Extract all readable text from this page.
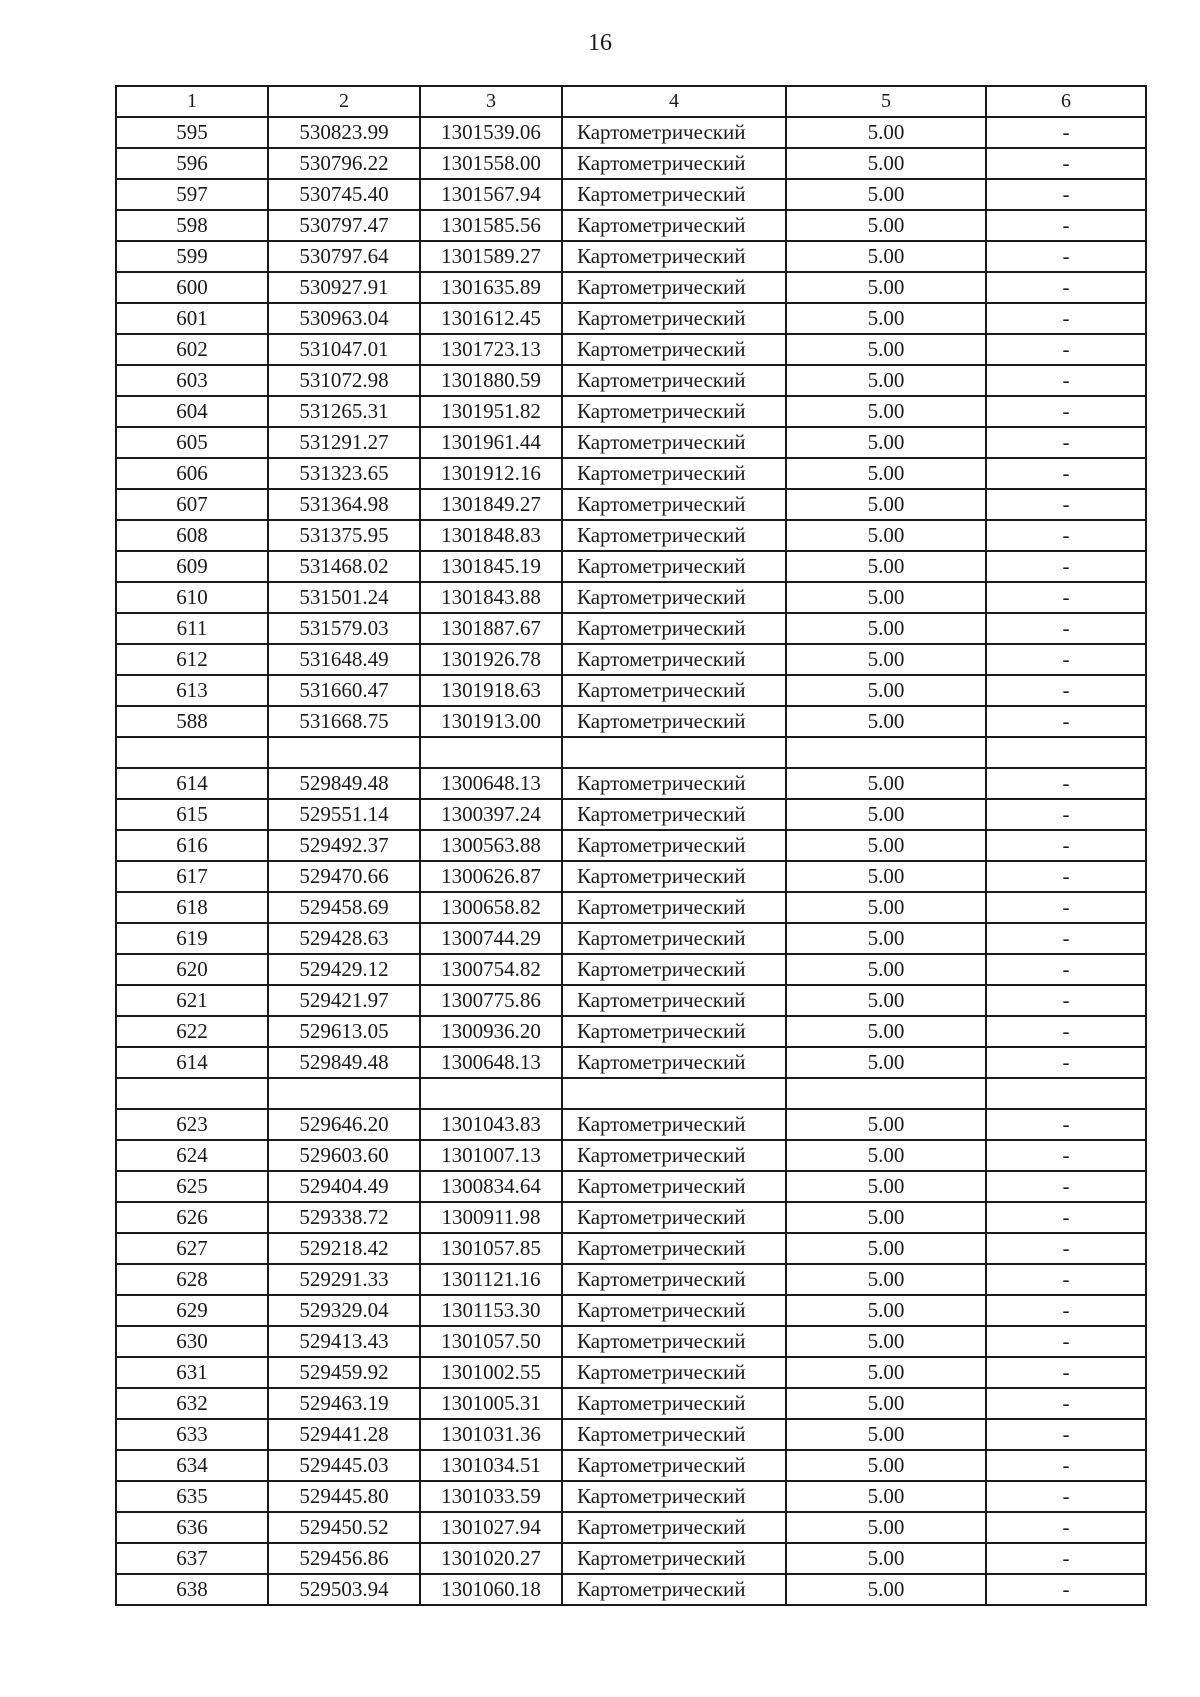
16
1	2	3	4	5	6
595	530823.99	1301539.06	Картометрический	5.00	-
596	530796.22	1301558.00	Картометрический	5.00	-
597	530745.40	1301567.94	Картометрический	5.00	-
598	530797.47	1301585.56	Картометрический	5.00	-
599	530797.64	1301589.27	Картометрический	5.00	-
600	530927.91	1301635.89	Картометрический	5.00	-
601	530963.04	1301612.45	Картометрический	5.00	-
602	531047.01	1301723.13	Картометрический	5.00	-
603	531072.98	1301880.59	Картометрический	5.00	-
604	531265.31	1301951.82	Картометрический	5.00	-
605	531291.27	1301961.44	Картометрический	5.00	-
606	531323.65	1301912.16	Картометрический	5.00	-
607	531364.98	1301849.27	Картометрический	5.00	-
608	531375.95	1301848.83	Картометрический	5.00	-
609	531468.02	1301845.19	Картометрический	5.00	-
610	531501.24	1301843.88	Картометрический	5.00	-
611	531579.03	1301887.67	Картометрический	5.00	-
612	531648.49	1301926.78	Картометрический	5.00	-
613	531660.47	1301918.63	Картометрический	5.00	-
588	531668.75	1301913.00	Картометрический	5.00	-

614	529849.48	1300648.13	Картометрический	5.00	-
615	529551.14	1300397.24	Картометрический	5.00	-
616	529492.37	1300563.88	Картометрический	5.00	-
617	529470.66	1300626.87	Картометрический	5.00	-
618	529458.69	1300658.82	Картометрический	5.00	-
619	529428.63	1300744.29	Картометрический	5.00	-
620	529429.12	1300754.82	Картометрический	5.00	-
621	529421.97	1300775.86	Картометрический	5.00	-
622	529613.05	1300936.20	Картометрический	5.00	-
614	529849.48	1300648.13	Картометрический	5.00	-

623	529646.20	1301043.83	Картометрический	5.00	-
624	529603.60	1301007.13	Картометрический	5.00	-
625	529404.49	1300834.64	Картометрический	5.00	-
626	529338.72	1300911.98	Картометрический	5.00	-
627	529218.42	1301057.85	Картометрический	5.00	-
628	529291.33	1301121.16	Картометрический	5.00	-
629	529329.04	1301153.30	Картометрический	5.00	-
630	529413.43	1301057.50	Картометрический	5.00	-
631	529459.92	1301002.55	Картометрический	5.00	-
632	529463.19	1301005.31	Картометрический	5.00	-
633	529441.28	1301031.36	Картометрический	5.00	-
634	529445.03	1301034.51	Картометрический	5.00	-
635	529445.80	1301033.59	Картометрический	5.00	-
636	529450.52	1301027.94	Картометрический	5.00	-
637	529456.86	1301020.27	Картометрический	5.00	-
638	529503.94	1301060.18	Картометрический	5.00	-
